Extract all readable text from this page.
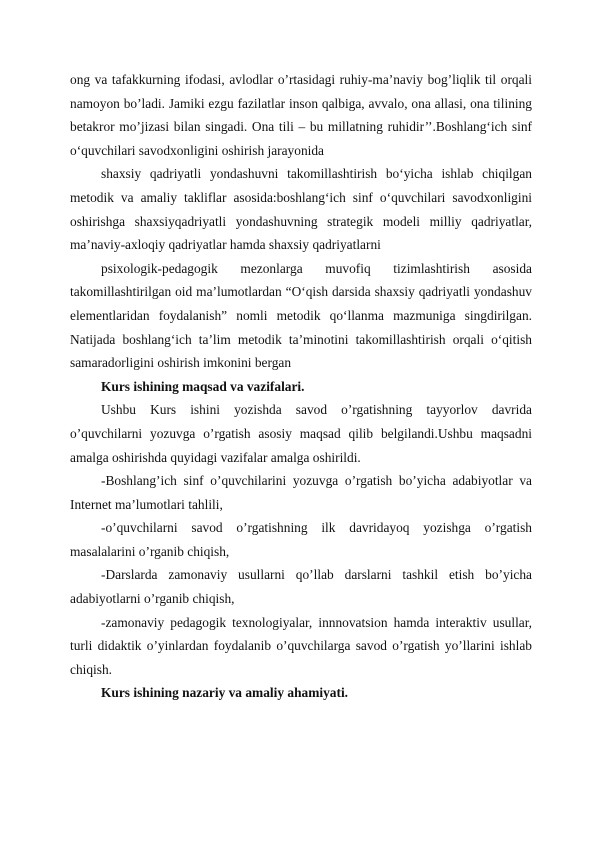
ong va tafakkurning ifodasi, avlodlar o’rtasidagi ruhiy-ma’naviy bog’liqlik til orqali namoyon bo’ladi. Jamiki ezgu fazilatlar inson qalbiga, avvalo, ona allasi, ona tilining betakror mo’jizasi bilan singadi. Ona tili – bu millatning ruhidir’’.Boshlang‘ich sinf o‘quvchilari savodxonligini oshirish jarayonida

shaxsiy qadriyatli yondashuvni takomillashtirish bo‘yicha ishlab chiqilgan metodik va amaliy takliflar asosida:boshlang‘ich sinf o‘quvchilari savodxonligini oshirishga shaxsiyqadriyatli yondashuvning strategik modeli milliy qadriyatlar, ma’naviy-axloqiy qadriyatlar hamda shaxsiy qadriyatlarni

psixologik-pedagogik mezonlarga muvofiq tizimlashtirish asosida takomillashtirilgan oid ma’lumotlardan “O‘qish darsida shaxsiy qadriyatli yondashuv elementlaridan foydalanish” nomli metodik qo‘llanma mazmuniga singdirilgan. Natijada boshlang‘ich ta’lim metodik ta’minotini takomillashtirish orqali o‘qitish samaradorligini oshirish imkonini bergan

Kurs ishining maqsad va vazifalari.

Ushbu Kurs ishini yozishda savod o’rgatishning tayyorlov davrida o’quvchilarni yozuvga o’rgatish asosiy maqsad qilib belgilandi.Ushbu maqsadni amalga oshirishda quyidagi vazifalar amalga oshirildi.

-Boshlang’ich sinf o’quvchilarini yozuvga o’rgatish bo’yicha adabiyotlar va Internet ma’lumotlari tahlili,

-o’quvchilarni savod o’rgatishning ilk davridayoq yozishga o’rgatish masalalarini o’rganib chiqish,

-Darslarda zamonaviy usullarni qo’llab darslarni tashkil etish bo’yicha adabiyotlarni o’rganib chiqish,

-zamonaviy pedagogik texnologiyalar, innnovatsion hamda interaktiv usullar, turli didaktik o’yinlardan foydalanib o’quvchilarga savod o’rgatish yo’llarini ishlab chiqish.

Kurs ishining nazariy va amaliy ahamiyati.
